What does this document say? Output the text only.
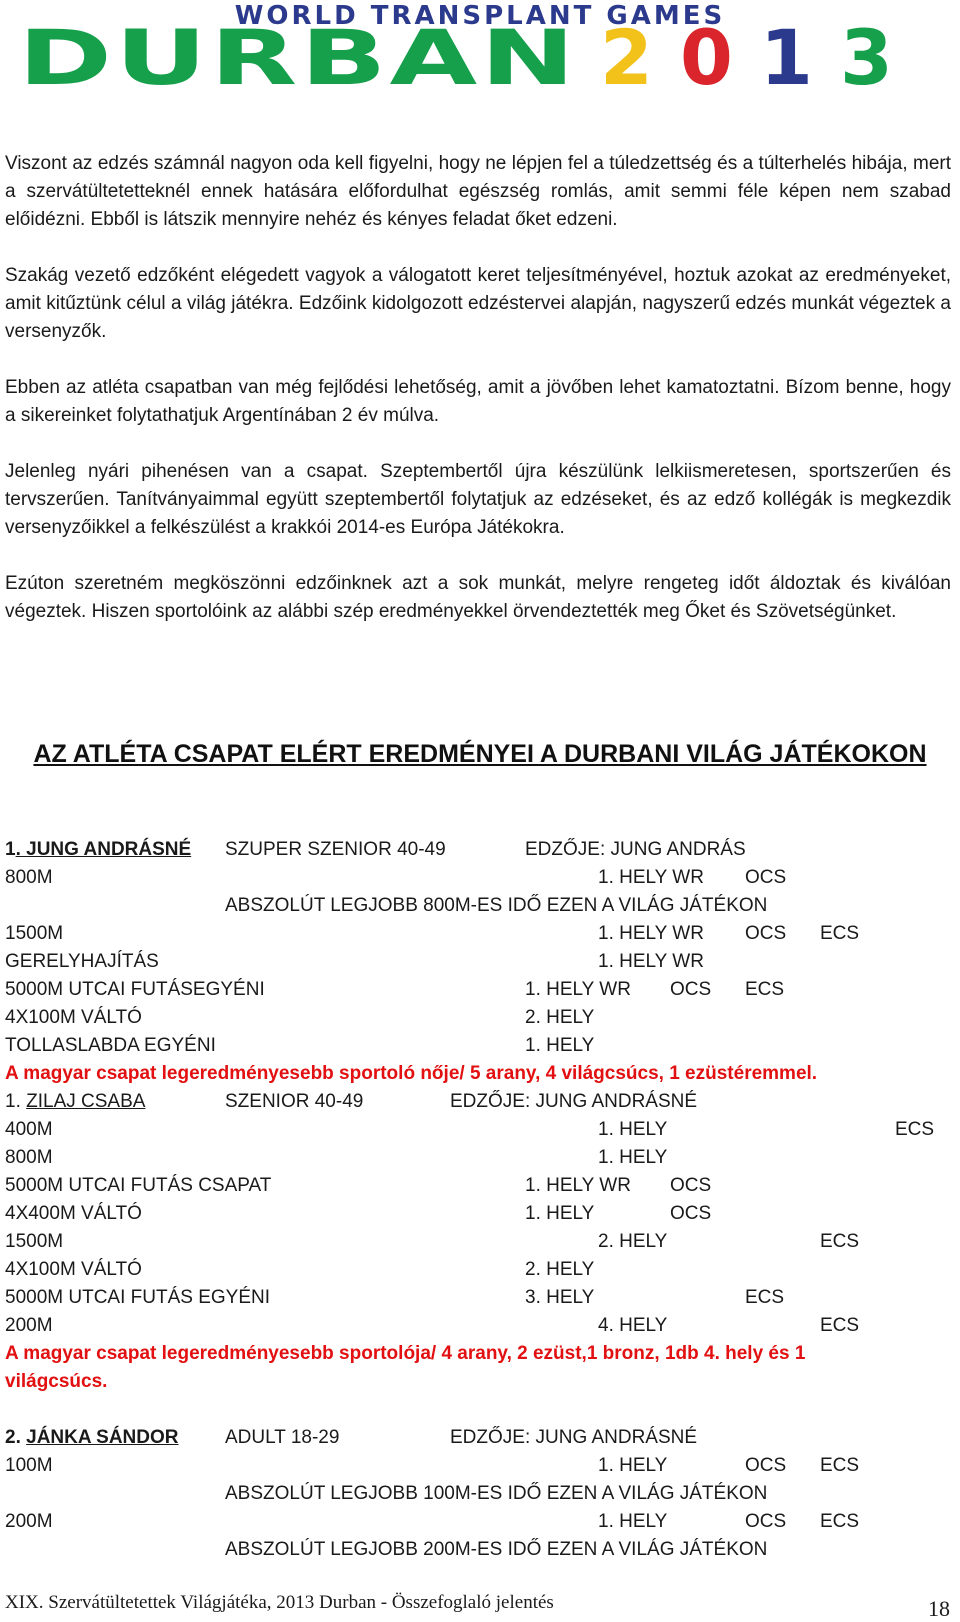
WORLD TRANSPLANT GAMES
DURBAN 2 0 1 3

Viszont az edzés számnál nagyon oda kell figyelni, hogy ne lépjen fel a túledzettség és a túlterhelés hibája, mert a szervátültetetteknél ennek hatására előfordulhat egészség romlás, amit semmi féle képen nem szabad előidézni. Ebből is látszik mennyire nehéz és kényes feladat őket edzeni.

Szakág vezető edzőként elégedett vagyok a válogatott keret teljesítményével, hoztuk azokat az eredményeket, amit kitűztünk célul a világ játékra. Edzőink kidolgozott edzéstervei alapján, nagyszerű edzés munkát végeztek a versenyzők.

Ebben az atléta csapatban van még fejlődési lehetőség, amit a jövőben lehet kamatoztatni. Bízom benne, hogy a sikereinket folytathatjuk Argentínában 2 év múlva.

Jelenleg nyári pihenésen van a csapat. Szeptembertől újra készülünk lelkiismeretesen, sportszerűen és tervszerűen. Tanítványaimmal együtt szeptembertől folytatjuk az edzéseket, és az edző kollégák is megkezdik versenyzőikkel a felkészülést a krakkói 2014-es Európa Játékokra.

Ezúton szeretném megköszönni edzőinknek azt a sok munkát, melyre rengeteg időt áldoztak és kiválóan végeztek. Hiszen sportolóink az alábbi szép eredményekkel örvendeztették meg Őket és Szövetségünket.

AZ ATLÉTA CSAPAT ELÉRT EREDMÉNYEI A DURBANI VILÁG JÁTÉKOKON
1. JUNG ANDRÁSNÉ SZUPER SZENIOR 40-49	EDZŐJE: JUNG ANDRÁS
800M	1. HELY WR OCS
ABSZOLÚT LEGJOBB 800M-ES IDŐ EZEN A VILÁG JÁTÉKON
1500M	1. HELY WR OCS ECS
GERELYHAJÍTÁS	1. HELY WR
5000M UTCAI FUTÁSEGYÉNI	1. HELY WR OCS ECS
4X100M VÁLTÓ	2. HELY
TOLLASLABDA EGYÉNI	1. HELY

A magyar csapat legeredményesebb sportoló nője/ 5 arany, 4 világcsúcs, 1 ezüstéremmel.

1. ZILAJ CSABA	SZENIOR 40-49	EDZŐJE: JUNG ANDRÁSNÉ
400M	1. HELY	ECS
800M	1. HELY
5000M UTCAI FUTÁS CSAPAT	1. HELY WR OCS
4X400M VÁLTÓ	1. HELY	OCS
1500M	2. HELY	ECS
4X100M VÁLTÓ	2. HELY
5000M UTCAI FUTÁS EGYÉNI	3. HELY	ECS
200M	4. HELY	ECS

A magyar csapat legeredményesebb sportolója/ 4 arany, 2 ezüst,1 bronz, 1db 4. hely és 1 világcsúcs.

2. JÁNKA SÁNDOR ADULT 18-29	EDZŐJE: JUNG ANDRÁSNÉ
100M	1. HELY	OCS ECS
ABSZOLÚT LEGJOBB 100M-ES IDŐ EZEN A VILÁG JÁTÉKON
200M	1. HELY	OCS ECS
ABSZOLÚT LEGJOBB 200M-ES IDŐ EZEN A VILÁG JÁTÉKON
XIX. Szervátültetettek Világjátéka, 2013 Durban - Összefoglaló jelentés	18
